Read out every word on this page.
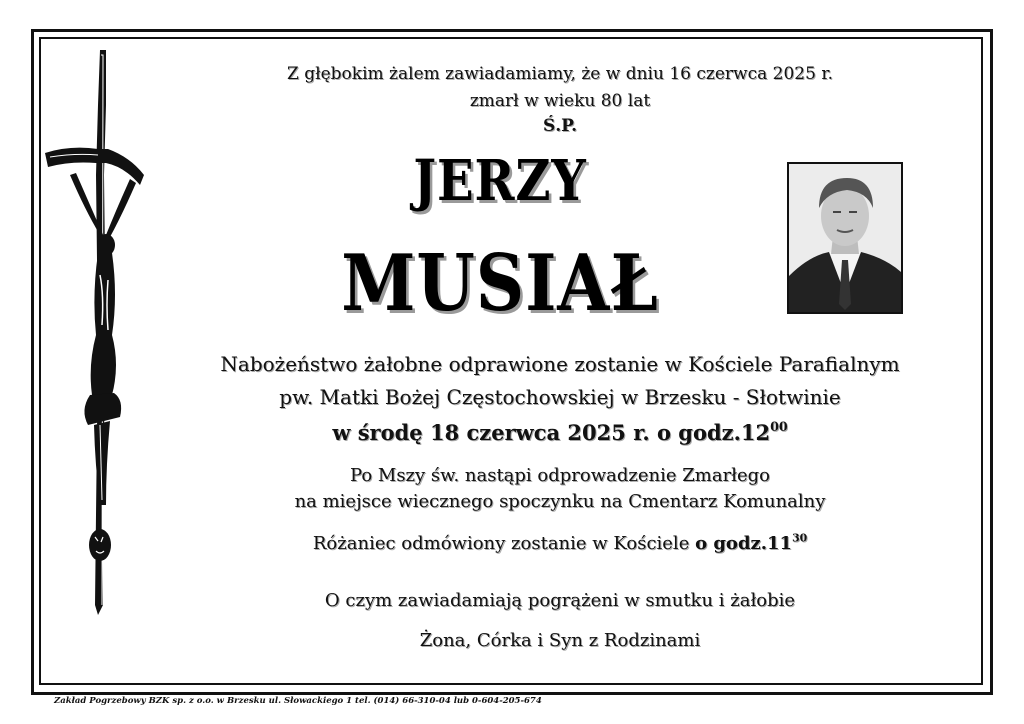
Z głębokim żalem zawiadamiamy, że w dniu 16 czerwca 2025 r.
zmarł w wieku 80 lat
Ś.P.
JERZY
MUSIAŁ
Nabożeństwo żałobne odprawione zostanie w Kościele Parafialnym
pw. Matki Bożej Częstochowskiej w Brzesku - Słotwinie
w środę 18 czerwca 2025 r. o $godz.12^{00}$
Po Mszy św. nastąpi odprowadzenie Zmarłego
na miejsce wiecznego spoczynku na Cmentarz Komunalny
Różaniec odmówiony zostanie w Kościele o $godz.11^{30}$
O czym zawiadamiają pogrążeni w smutku i żałobie
Żona, Córka i Syn z Rodzinami
Zakład Pogrzebowy BZK sp. z o.o. w Brzesku ul. Słowackiego 1 tel. (014) 66-310-04 lub 0-604-205-674
